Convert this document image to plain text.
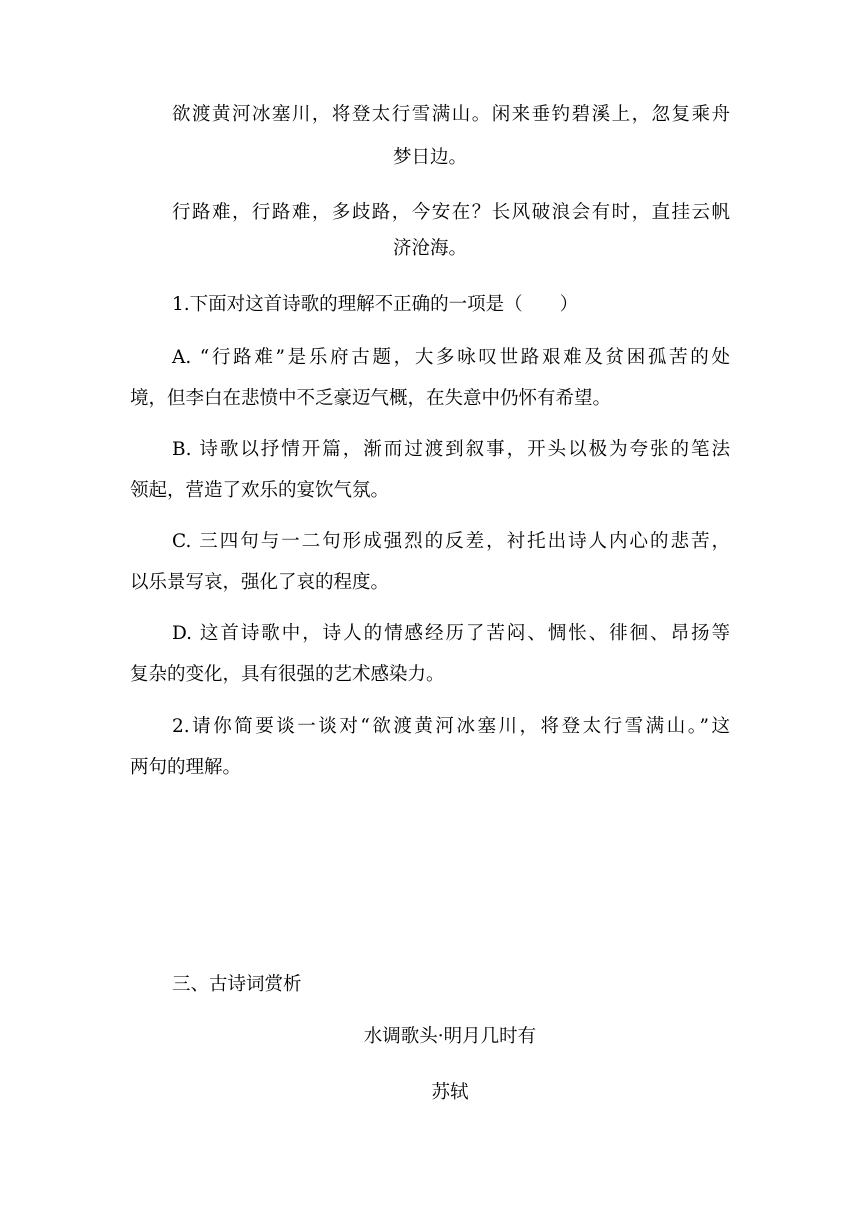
欲渡黄河冰塞川，将登太行雪满山。闲来垂钓碧溪上，忽复乘舟
梦日边。
行路难，行路难，多歧路，今安在？长风破浪会有时，直挂云帆
济沧海。
1.下面对这首诗歌的理解不正确的一项是（　　）
A. “行路难”是乐府古题，大多咏叹世路艰难及贫困孤苦的处
境，但李白在悲愤中不乏豪迈气概，在失意中仍怀有希望。
B. 诗歌以抒情开篇，渐而过渡到叙事，开头以极为夸张的笔法
领起，营造了欢乐的宴饮气氛。
C. 三四句与一二句形成强烈的反差，衬托出诗人内心的悲苦，
以乐景写哀，强化了哀的程度。
D. 这首诗歌中，诗人的情感经历了苦闷、惆怅、徘徊、昂扬等
复杂的变化，具有很强的艺术感染力。
2.请你简要谈一谈对“欲渡黄河冰塞川，将登太行雪满山。”这
两句的理解。
三、古诗词赏析
水调歌头·明月几时有
苏轼
